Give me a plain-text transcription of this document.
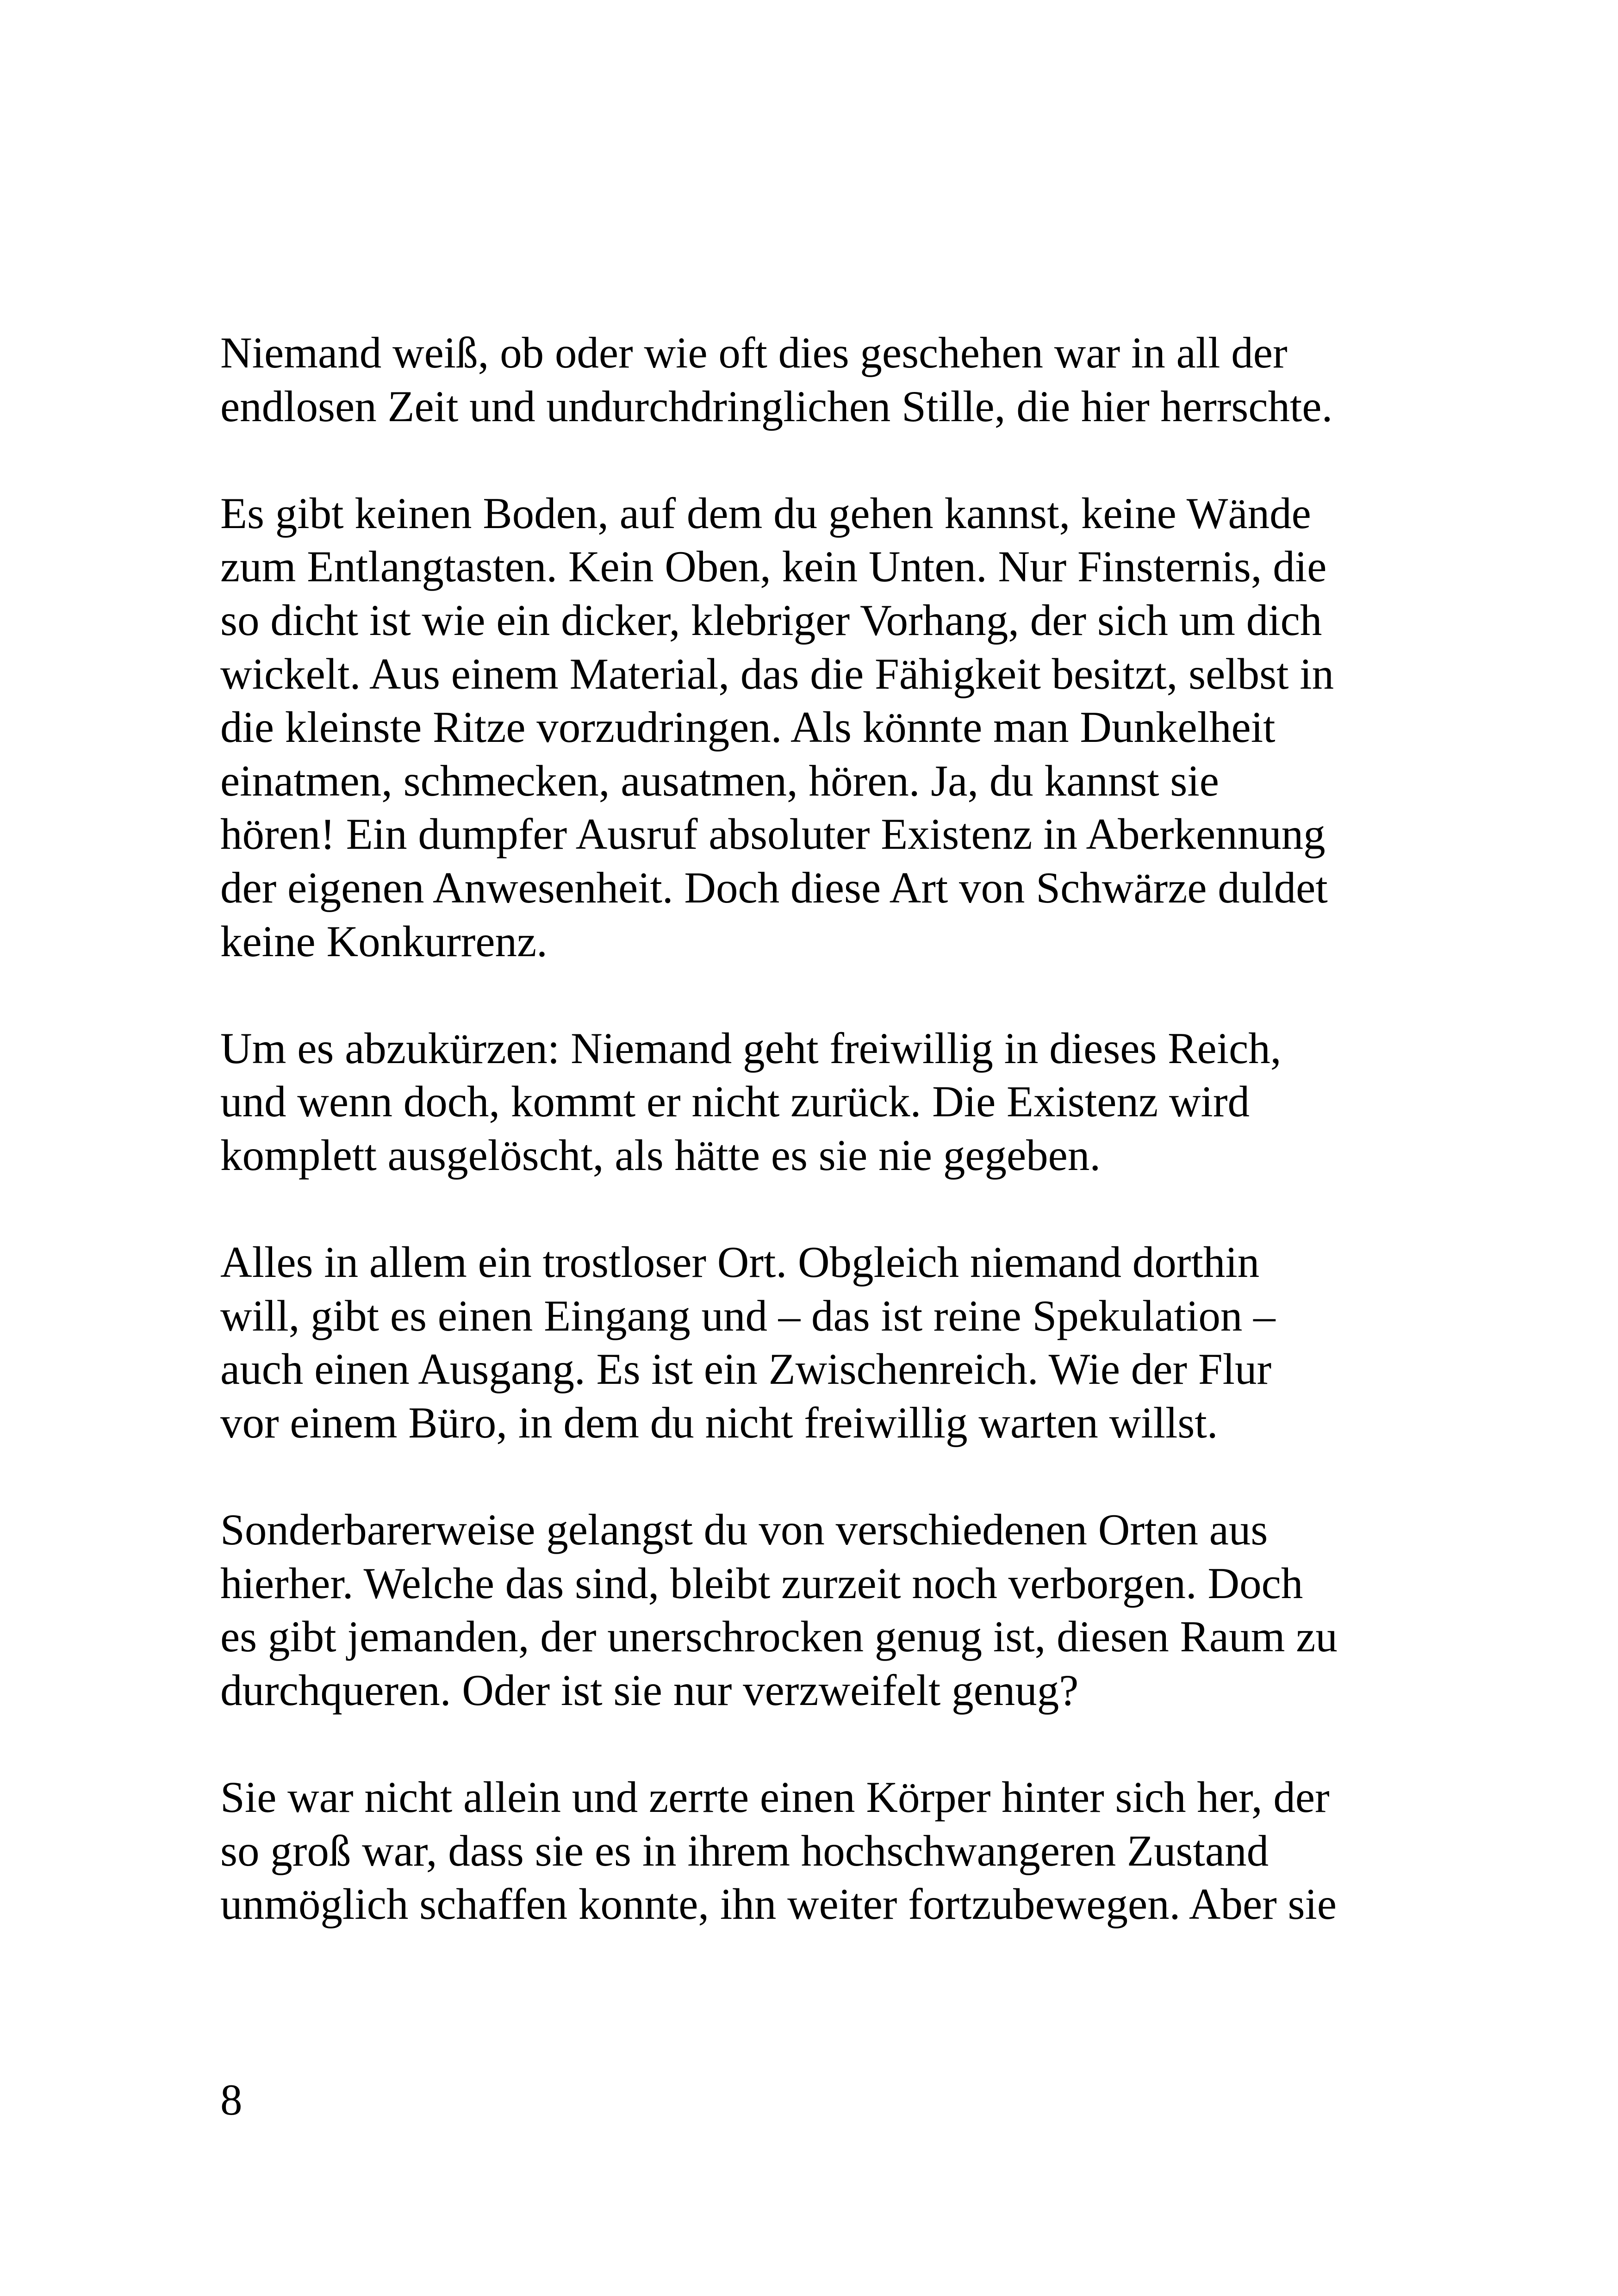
Niemand weiß, ob oder wie oft dies geschehen war in all der
endlosen Zeit und undurchdringlichen Stille, die hier herrschte.

Es gibt keinen Boden, auf dem du gehen kannst, keine Wände
zum Entlangtasten. Kein Oben, kein Unten. Nur Finsternis, die
so dicht ist wie ein dicker, klebriger Vorhang, der sich um dich
wickelt. Aus einem Material, das die Fähigkeit besitzt, selbst in
die kleinste Ritze vorzudringen. Als könnte man Dunkelheit
einatmen, schmecken, ausatmen, hören. Ja, du kannst sie
hören! Ein dumpfer Ausruf absoluter Existenz in Aberkennung
der eigenen Anwesenheit. Doch diese Art von Schwärze duldet
keine Konkurrenz.

Um es abzukürzen: Niemand geht freiwillig in dieses Reich,
und wenn doch, kommt er nicht zurück. Die Existenz wird
komplett ausgelöscht, als hätte es sie nie gegeben.

Alles in allem ein trostloser Ort. Obgleich niemand dorthin
will, gibt es einen Eingang und – das ist reine Spekulation –
auch einen Ausgang. Es ist ein Zwischenreich. Wie der Flur
vor einem Büro, in dem du nicht freiwillig warten willst.

Sonderbarerweise gelangst du von verschiedenen Orten aus
hierher. Welche das sind, bleibt zurzeit noch verborgen. Doch
es gibt jemanden, der unerschrocken genug ist, diesen Raum zu
durchqueren. Oder ist sie nur verzweifelt genug?

Sie war nicht allein und zerrte einen Körper hinter sich her, der
so groß war, dass sie es in ihrem hochschwangeren Zustand
unmöglich schaffen konnte, ihn weiter fortzubewegen. Aber sie

8
